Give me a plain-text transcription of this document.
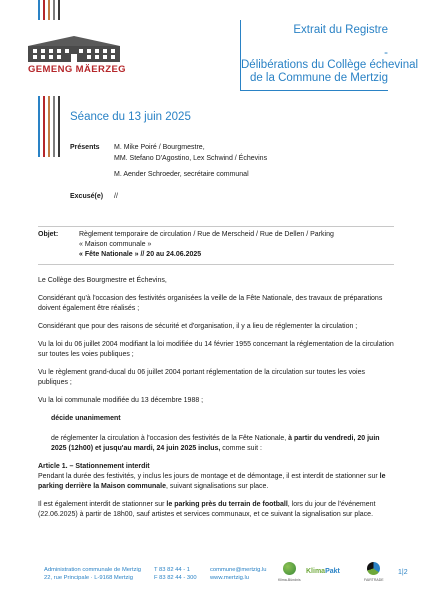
GEMENG MÄERZEG
Extrait du Registre
-
Délibérations du Collège échevinal
de la Commune de Mertzig
Séance du 13 juin 2025
Présents	M. Mike Poiré / Bourgmestre,
MM. Stefano D'Agostino, Lex Schwind / Échevins
M. Aender Schroeder, secrétaire communal
Excusé(e)	//
Objet:	Règlement temporaire de circulation / Rue de Merscheid / Rue de Dellen / Parking
« Maison communale »
« Fête Nationale » // 20 au 24.06.2025

Le Collège des Bourgmestre et Échevins,

Considérant qu'à l'occasion des festivités organisées la veille de la Fête Nationale, des travaux de préparations doivent également être réalisés ;

Considérant que pour des raisons de sécurité et d'organisation, il y a lieu de réglementer la circulation ;

Vu la loi du 06 juillet 2004 modifiant la loi modifiée du 14 février 1955 concernant la réglementation de la circulation sur toutes les voies publiques ;

Vu le règlement grand-ducal du 06 juillet 2004 portant réglementation de la circulation sur toutes les voies publiques ;

Vu la loi communale modifiée du 13 décembre 1988 ;

décide unanimement

de réglementer la circulation à l'occasion des festivités de la Fête Nationale, à partir du vendredi, 20 juin 2025 (12h00) et jusqu'au mardi, 24 juin 2025 inclus, comme suit :

Article 1. – Stationnement interdit

Pendant la durée des festivités, y inclus les jours de montage et de démontage, il est interdit de stationner sur le parking derrière la Maison communale, suivant signalisations sur place.

Il est également interdit de stationner sur le parking près du terrain de football, lors du jour de l'événement (22.06.2025) à partir de 18h00, sauf artistes et services communaux, et ce suivant la signalisation sur place.

Administration communale de Mertzig
22, rue Principale · L-9168 Mertzig
T 83 82 44 - 1
F 83 82 44 - 300
commune@mertzig.lu
www.mertzig.lu	Klima-Bündnis
KlimaPakt
FAIRTRADE
1|2
